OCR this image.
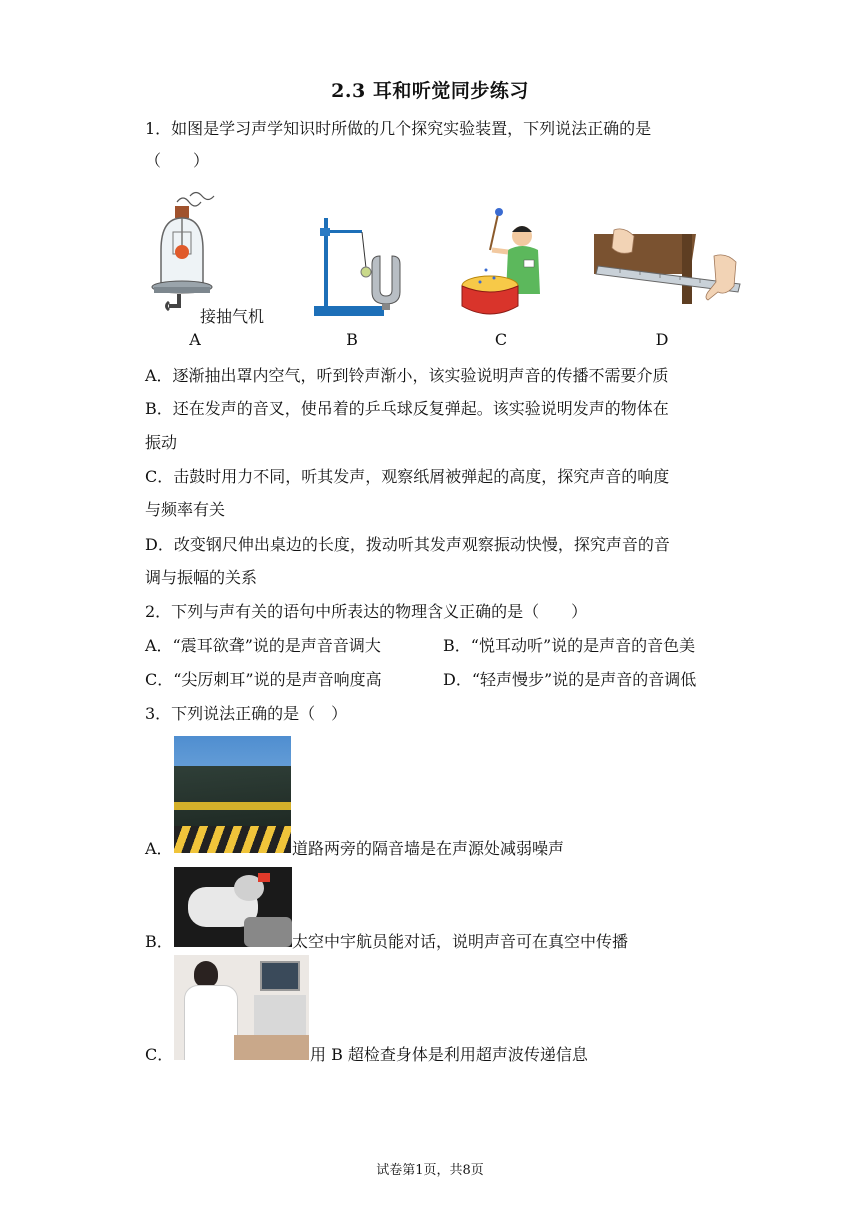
2.3 耳和听觉同步练习
1．如图是学习声学知识时所做的几个探究实验装置，下列说法正确的是
（　　）
接抽气机
A	B	C	D
A．逐渐抽出罩内空气，听到铃声渐小，该实验说明声音的传播不需要介质
B．还在发声的音叉，使吊着的乒乓球反复弹起。该实验说明发声的物体在
振动
C．击鼓时用力不同，听其发声，观察纸屑被弹起的高度，探究声音的响度
与频率有关
D．改变钢尺伸出桌边的长度，拨动听其发声观察振动快慢，探究声音的音
调与振幅的关系
2．下列与声有关的语句中所表达的物理含义正确的是（　　）
A．“震耳欲聋”说的是声音音调大	B．“悦耳动听”说的是声音的音色美
C．“尖厉刺耳”说的是声音响度高	D．“轻声慢步”说的是声音的音调低
3．下列说法正确的是（　）
A．	道路两旁的隔音墙是在声源处减弱噪声
B．	太空中宇航员能对话，说明声音可在真空中传播
C．	用 B 超检查身体是利用超声波传递信息
试卷第1页，共8页
